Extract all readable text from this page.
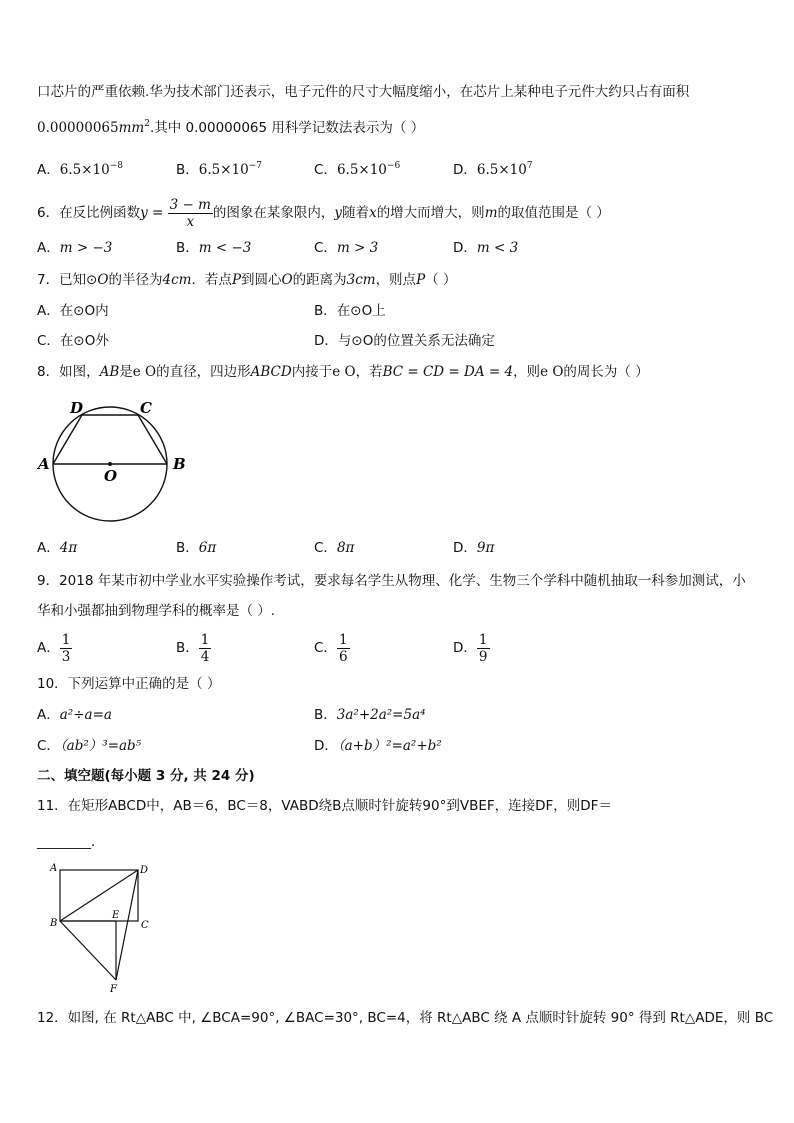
口芯片的严重依赖.华为技术部门还表示，电子元件的尺寸大幅度缩小，在芯片上某种电子元件大约只占有面积
$0.00000065mm^2$.其中 0.00000065 用科学记数法表示为（ ）
A．$6.5\times 10^{-8}$	B．$6.5\times 10^{-7}$	C．$6.5\times 10^{-6}$	D．$6.5\times 10^7$
6．在反比例函数$y = \frac{3 - m}{x}$ 的图象在某象限内，y随着x的增大而增大，则m的取值范围是（ ）
A．m > −3	B．m < −3	C．m > 3	D．m < 3
7．已知⊙O的半径为4cm．若点P到圆心O的距离为3cm，则点P（ ）
A．在⊙O内	B．在⊙O上
C．在⊙O外	D．与⊙O的位置关系无法确定
8．如图，AB是e O的直径，四边形ABCD内接于e O，若BC = CD = DA = 4，则e O的周长为（ ）
A	B
C
D
O
A．4π	B．6π	C．8π	D．9π
9．2018 年某市初中学业水平实验操作考试，要求每名学生从物理、化学、生物三个学科中随机抽取一科参加测试，小
华和小强都抽到物理学科的概率是（ ）.
A． $\frac{1}{3}$	B． $\frac{1}{4}$	C． $\frac{1}{6}$	D． $\frac{1}{9}$
10．下列运算中正确的是（ ）
A．a²÷a=a	B．3a²+2a²=5a⁴
C．（ab²）³=ab⁵	D．（a+b）²=a²+b²
二、填空题(每小题 3 分, 共 24 分)
11．在矩形ABCD中，AB＝6，BC＝8，VABD绕B点顺时针旋转90°到VBEF，连接DF，则DF＝
________．
A
B	C
D
E
F
12．如图, 在 Rt△ABC 中, ∠BCA=90°, ∠BAC=30°, BC=4，将 Rt△ABC 绕 A 点顺时针旋转 90° 得到 Rt△ADE，则 BC
